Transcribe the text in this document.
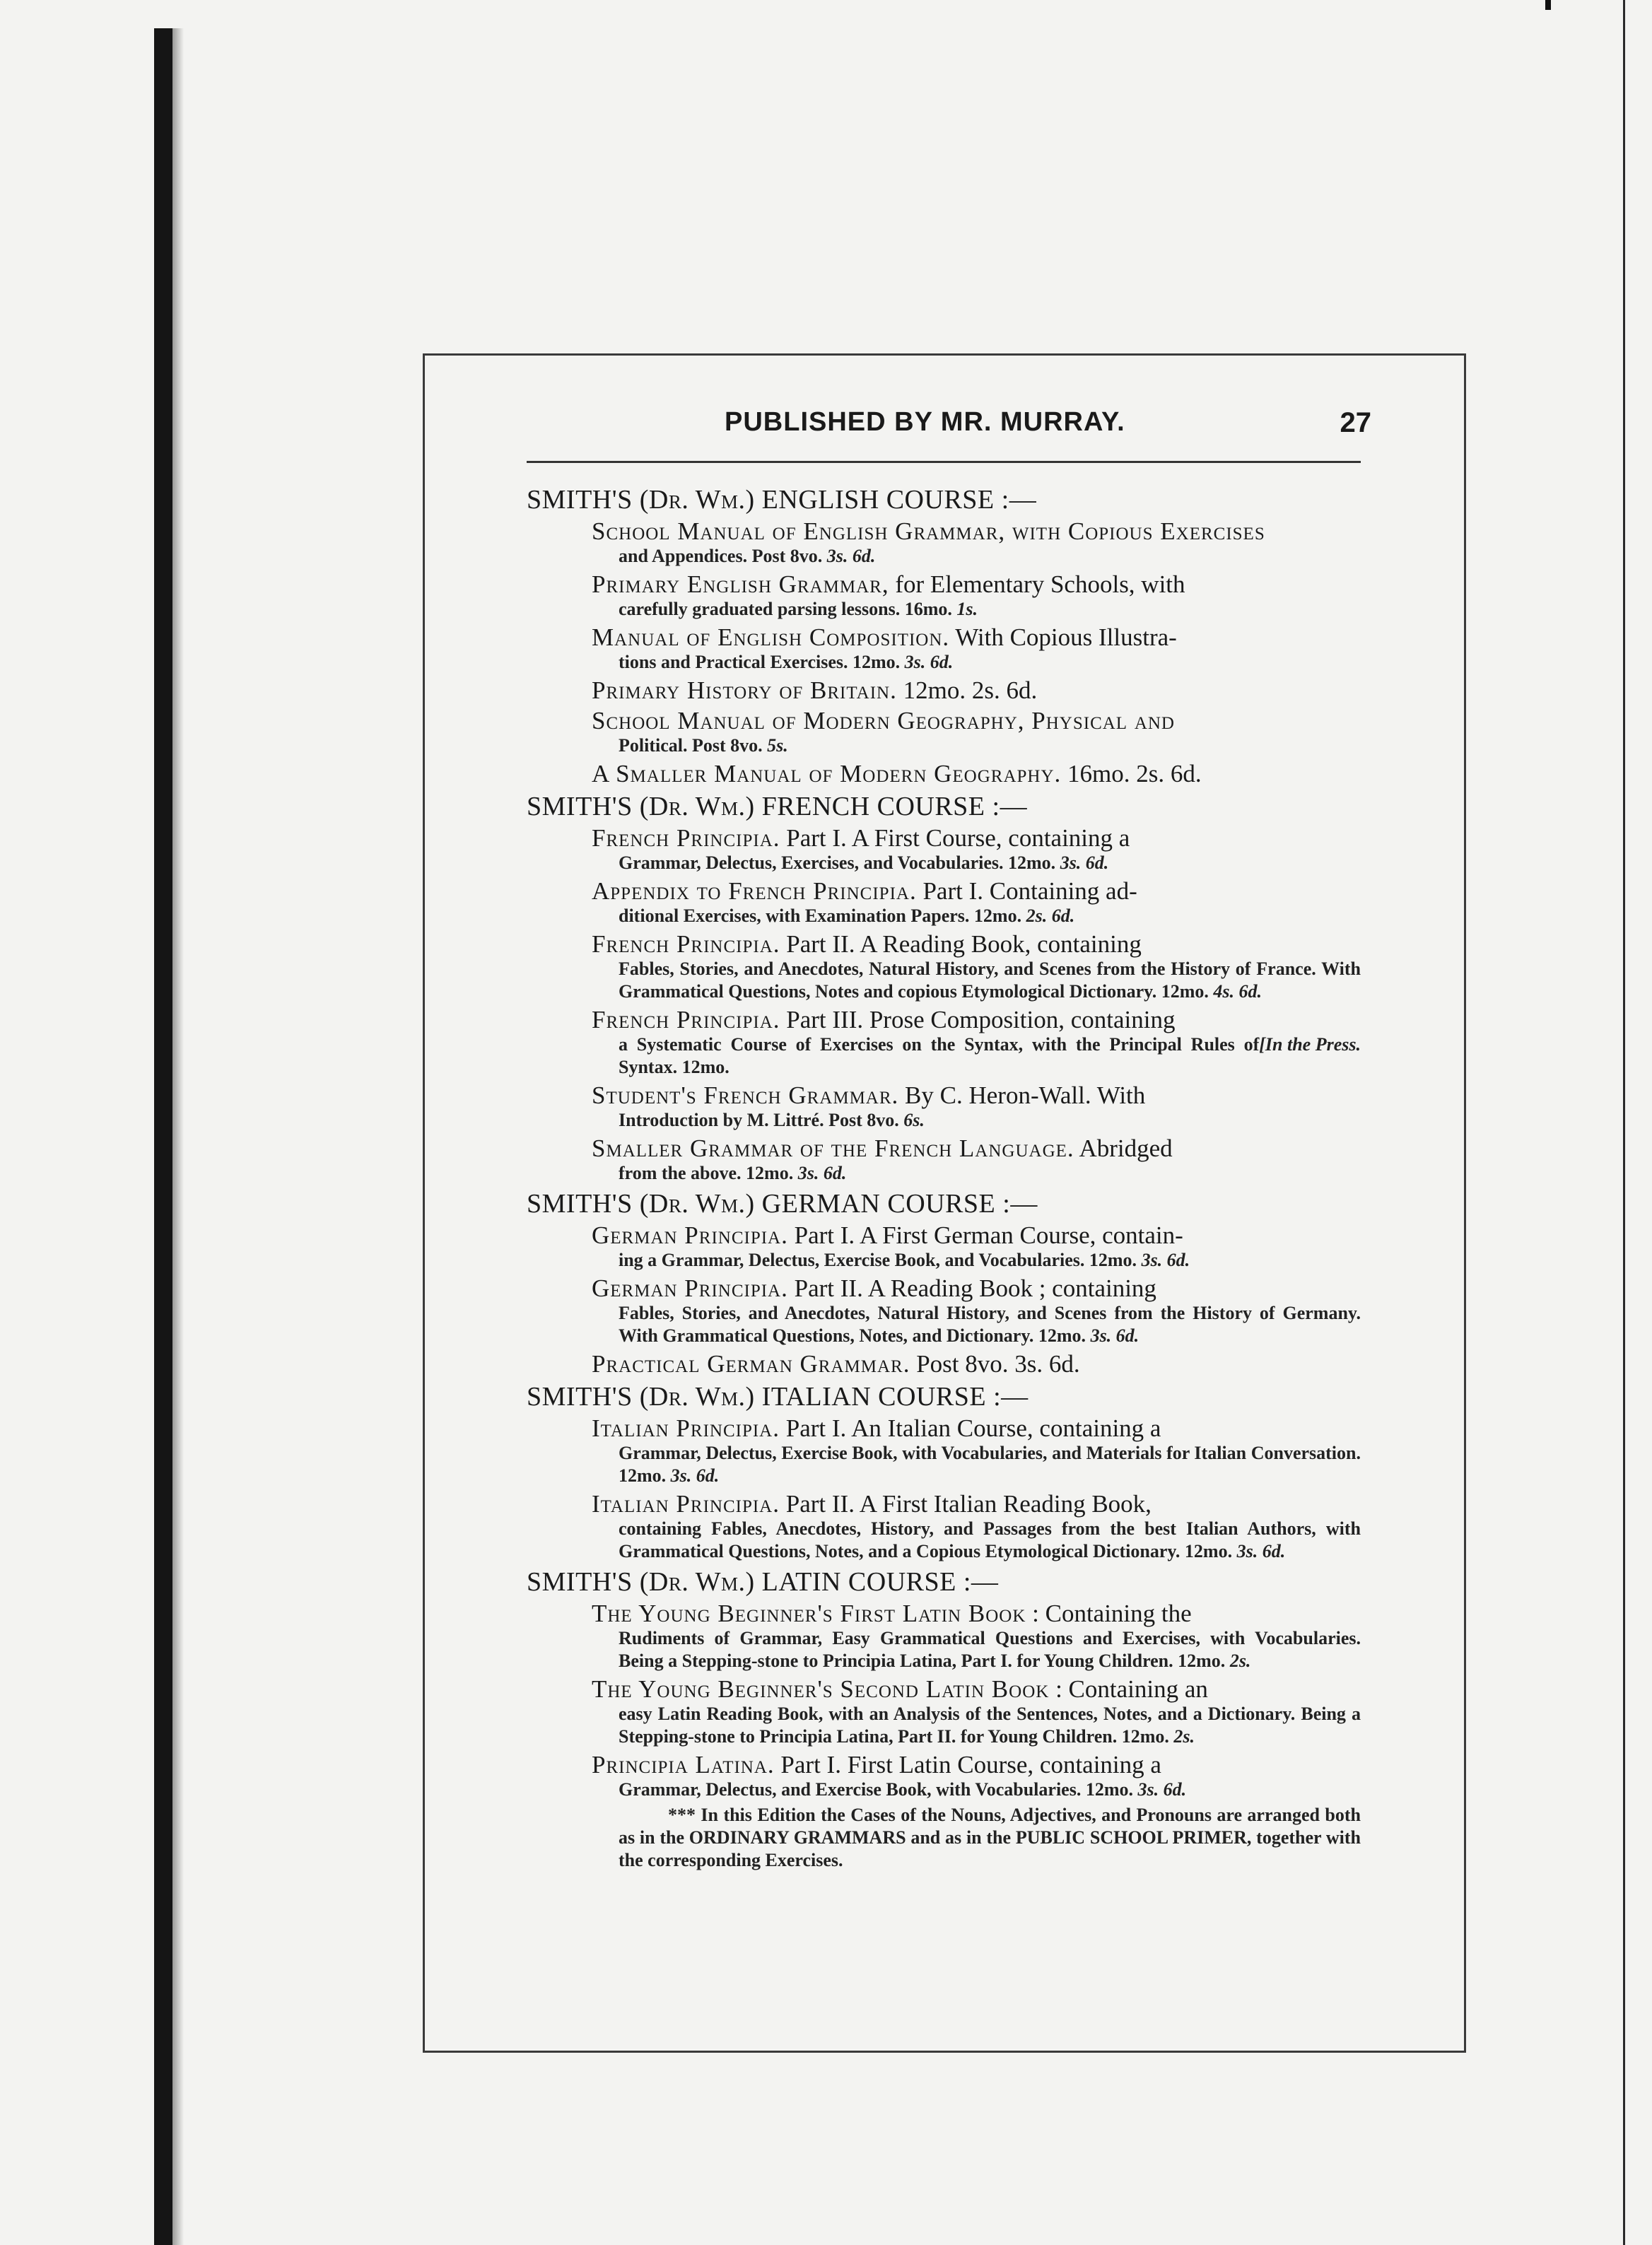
PUBLISHED BY MR. MURRAY.	27
SMITH'S (Dr. Wm.) ENGLISH COURSE :—
School Manual of English Grammar, with Copious Exercises
and Appendices. Post 8vo. 3s. 6d.
Primary English Grammar, for Elementary Schools, with
carefully graduated parsing lessons. 16mo. 1s.
Manual of English Composition. With Copious Illustra-
tions and Practical Exercises. 12mo. 3s. 6d.
Primary History of Britain. 12mo. 2s. 6d.
School Manual of Modern Geography, Physical and
Political. Post 8vo. 5s.
A Smaller Manual of Modern Geography. 16mo. 2s. 6d.
SMITH'S (Dr. Wm.) FRENCH COURSE :—
French Principia. Part I. A First Course, containing a
Grammar, Delectus, Exercises, and Vocabularies. 12mo. 3s. 6d.
Appendix to French Principia. Part I. Containing ad-
ditional Exercises, with Examination Papers. 12mo. 2s. 6d.
French Principia. Part II. A Reading Book, containing
Fables, Stories, and Anecdotes, Natural History, and Scenes from the History of France. With Grammatical Questions, Notes and copious Etymological Dictionary. 12mo. 4s. 6d.
French Principia. Part III. Prose Composition, containing
[In the Press.
a Systematic Course of Exercises on the Syntax, with the Principal Rules of Syntax. 12mo.
Student's French Grammar. By C. Heron-Wall. With
Introduction by M. Littré. Post 8vo. 6s.
Smaller Grammar of the French Language. Abridged
from the above. 12mo. 3s. 6d.
SMITH'S (Dr. Wm.) GERMAN COURSE :—
German Principia. Part I. A First German Course, contain-
ing a Grammar, Delectus, Exercise Book, and Vocabularies. 12mo. 3s. 6d.
German Principia. Part II. A Reading Book ; containing
Fables, Stories, and Anecdotes, Natural History, and Scenes from the History of Germany. With Grammatical Questions, Notes, and Dictionary. 12mo. 3s. 6d.
Practical German Grammar. Post 8vo. 3s. 6d.
SMITH'S (Dr. Wm.) ITALIAN COURSE :—
Italian Principia. Part I. An Italian Course, containing a
Grammar, Delectus, Exercise Book, with Vocabularies, and Materials for Italian Conversation. 12mo. 3s. 6d.
Italian Principia. Part II. A First Italian Reading Book,
containing Fables, Anecdotes, History, and Passages from the best Italian Authors, with Grammatical Questions, Notes, and a Copious Etymological Dictionary. 12mo. 3s. 6d.
SMITH'S (Dr. Wm.) LATIN COURSE :—
The Young Beginner's First Latin Book : Containing the
Rudiments of Grammar, Easy Grammatical Questions and Exercises, with Vocabularies. Being a Stepping-stone to Principia Latina, Part I. for Young Children. 12mo. 2s.
The Young Beginner's Second Latin Book : Containing an
easy Latin Reading Book, with an Analysis of the Sentences, Notes, and a Dictionary. Being a Stepping-stone to Principia Latina, Part II. for Young Children. 12mo. 2s.
Principia Latina. Part I. First Latin Course, containing a
Grammar, Delectus, and Exercise Book, with Vocabularies. 12mo. 3s. 6d.
*** In this Edition the Cases of the Nouns, Adjectives, and Pronouns are arranged both as in the ORDINARY GRAMMARS and as in the PUBLIC SCHOOL PRIMER, together with the corresponding Exercises.
